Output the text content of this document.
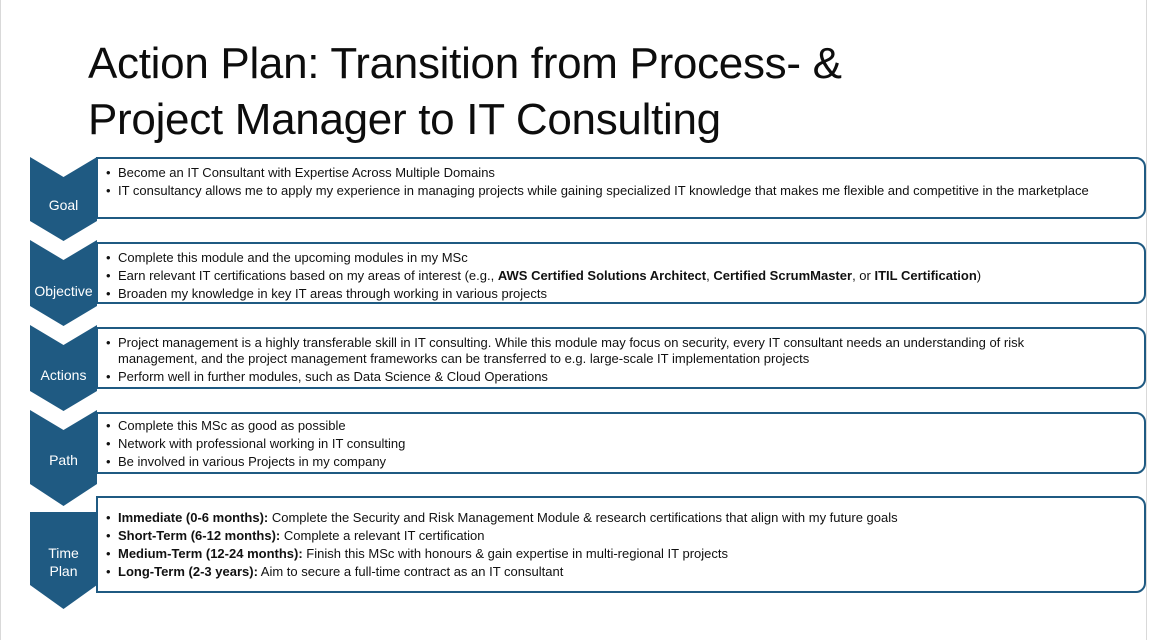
Action Plan: Transition from Process- &
Project Manager to IT Consulting
Goal
• Become an IT Consultant with Expertise Across Multiple Domains
• IT consultancy allows me to apply my experience in managing projects while gaining specialized IT knowledge that makes me flexible and competitive in the marketplace
Objective
• Complete this module and the upcoming modules in my MSc
• Earn relevant IT certifications based on my areas of interest (e.g., AWS Certified Solutions Architect, Certified ScrumMaster, or ITIL Certification)
• Broaden my knowledge in key IT areas through working in various projects
Actions
• Project management is a highly transferable skill in IT consulting. While this module may focus on security, every IT consultant needs an understanding of risk management, and the project management frameworks can be transferred to e.g. large-scale IT implementation projects
• Perform well in further modules, such as Data Science & Cloud Operations
Path
• Complete this MSc as good as possible
• Network with professional working in IT consulting
• Be involved in various Projects in my company
Time
Plan
• Immediate (0-6 months): Complete the Security and Risk Management Module & research certifications that align with my future goals
• Short-Term (6-12 months): Complete a relevant IT certification
• Medium-Term (12-24 months): Finish this MSc with honours & gain expertise in multi-regional IT projects
• Long-Term (2-3 years): Aim to secure a full-time contract as an IT consultant
